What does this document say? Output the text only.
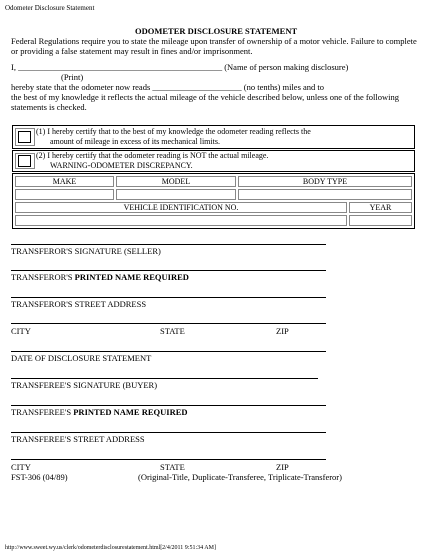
Odometer Disclosure Statement
ODOMETER DISCLOSURE STATEMENT
Federal Regulations require you to state the mileage upon transfer of ownership of a motor vehicle. Failure to complete
or providing a false statement may result in fines and/or imprisonment.
I, ________________________________________________ (Name of person making disclosure)
(Print)
hereby state that the odometer now reads _____________________ (no tenths) miles and to
the best of my knowledge it reflects the actual mileage of the vehicle described below, unless one of the following
statements is checked.
(1) I hereby certify that to the best of my knowledge the odometer reading reflects the
amount of mileage in excess of its mechanical limits.
(2) I hereby certify that the odometer reading is NOT the actual mileage.
WARNING-ODOMETER DISCREPANCY.
MAKE	MODEL	BODY TYPE
VEHICLE IDENTIFICATION NO.	YEAR
TRANSFEROR'S SIGNATURE (SELLER)
TRANSFEROR'S PRINTED NAME REQUIRED
TRANSFEROR'S STREET ADDRESS
CITY	STATE	ZIP
DATE OF DISCLOSURE STATEMENT
TRANSFEREE'S SIGNATURE (BUYER)
TRANSFEREE'S PRINTED NAME REQUIRED
TRANSFEREE'S STREET ADDRESS
CITY	STATE	ZIP
FST-306 (04/89)	(Original-Title, Duplicate-Transferee, Triplicate-Transferor)
http://www.sweet.wy.us/clerk/odometerdisclosurestatement.html[2/4/2011 9:51:34 AM]
